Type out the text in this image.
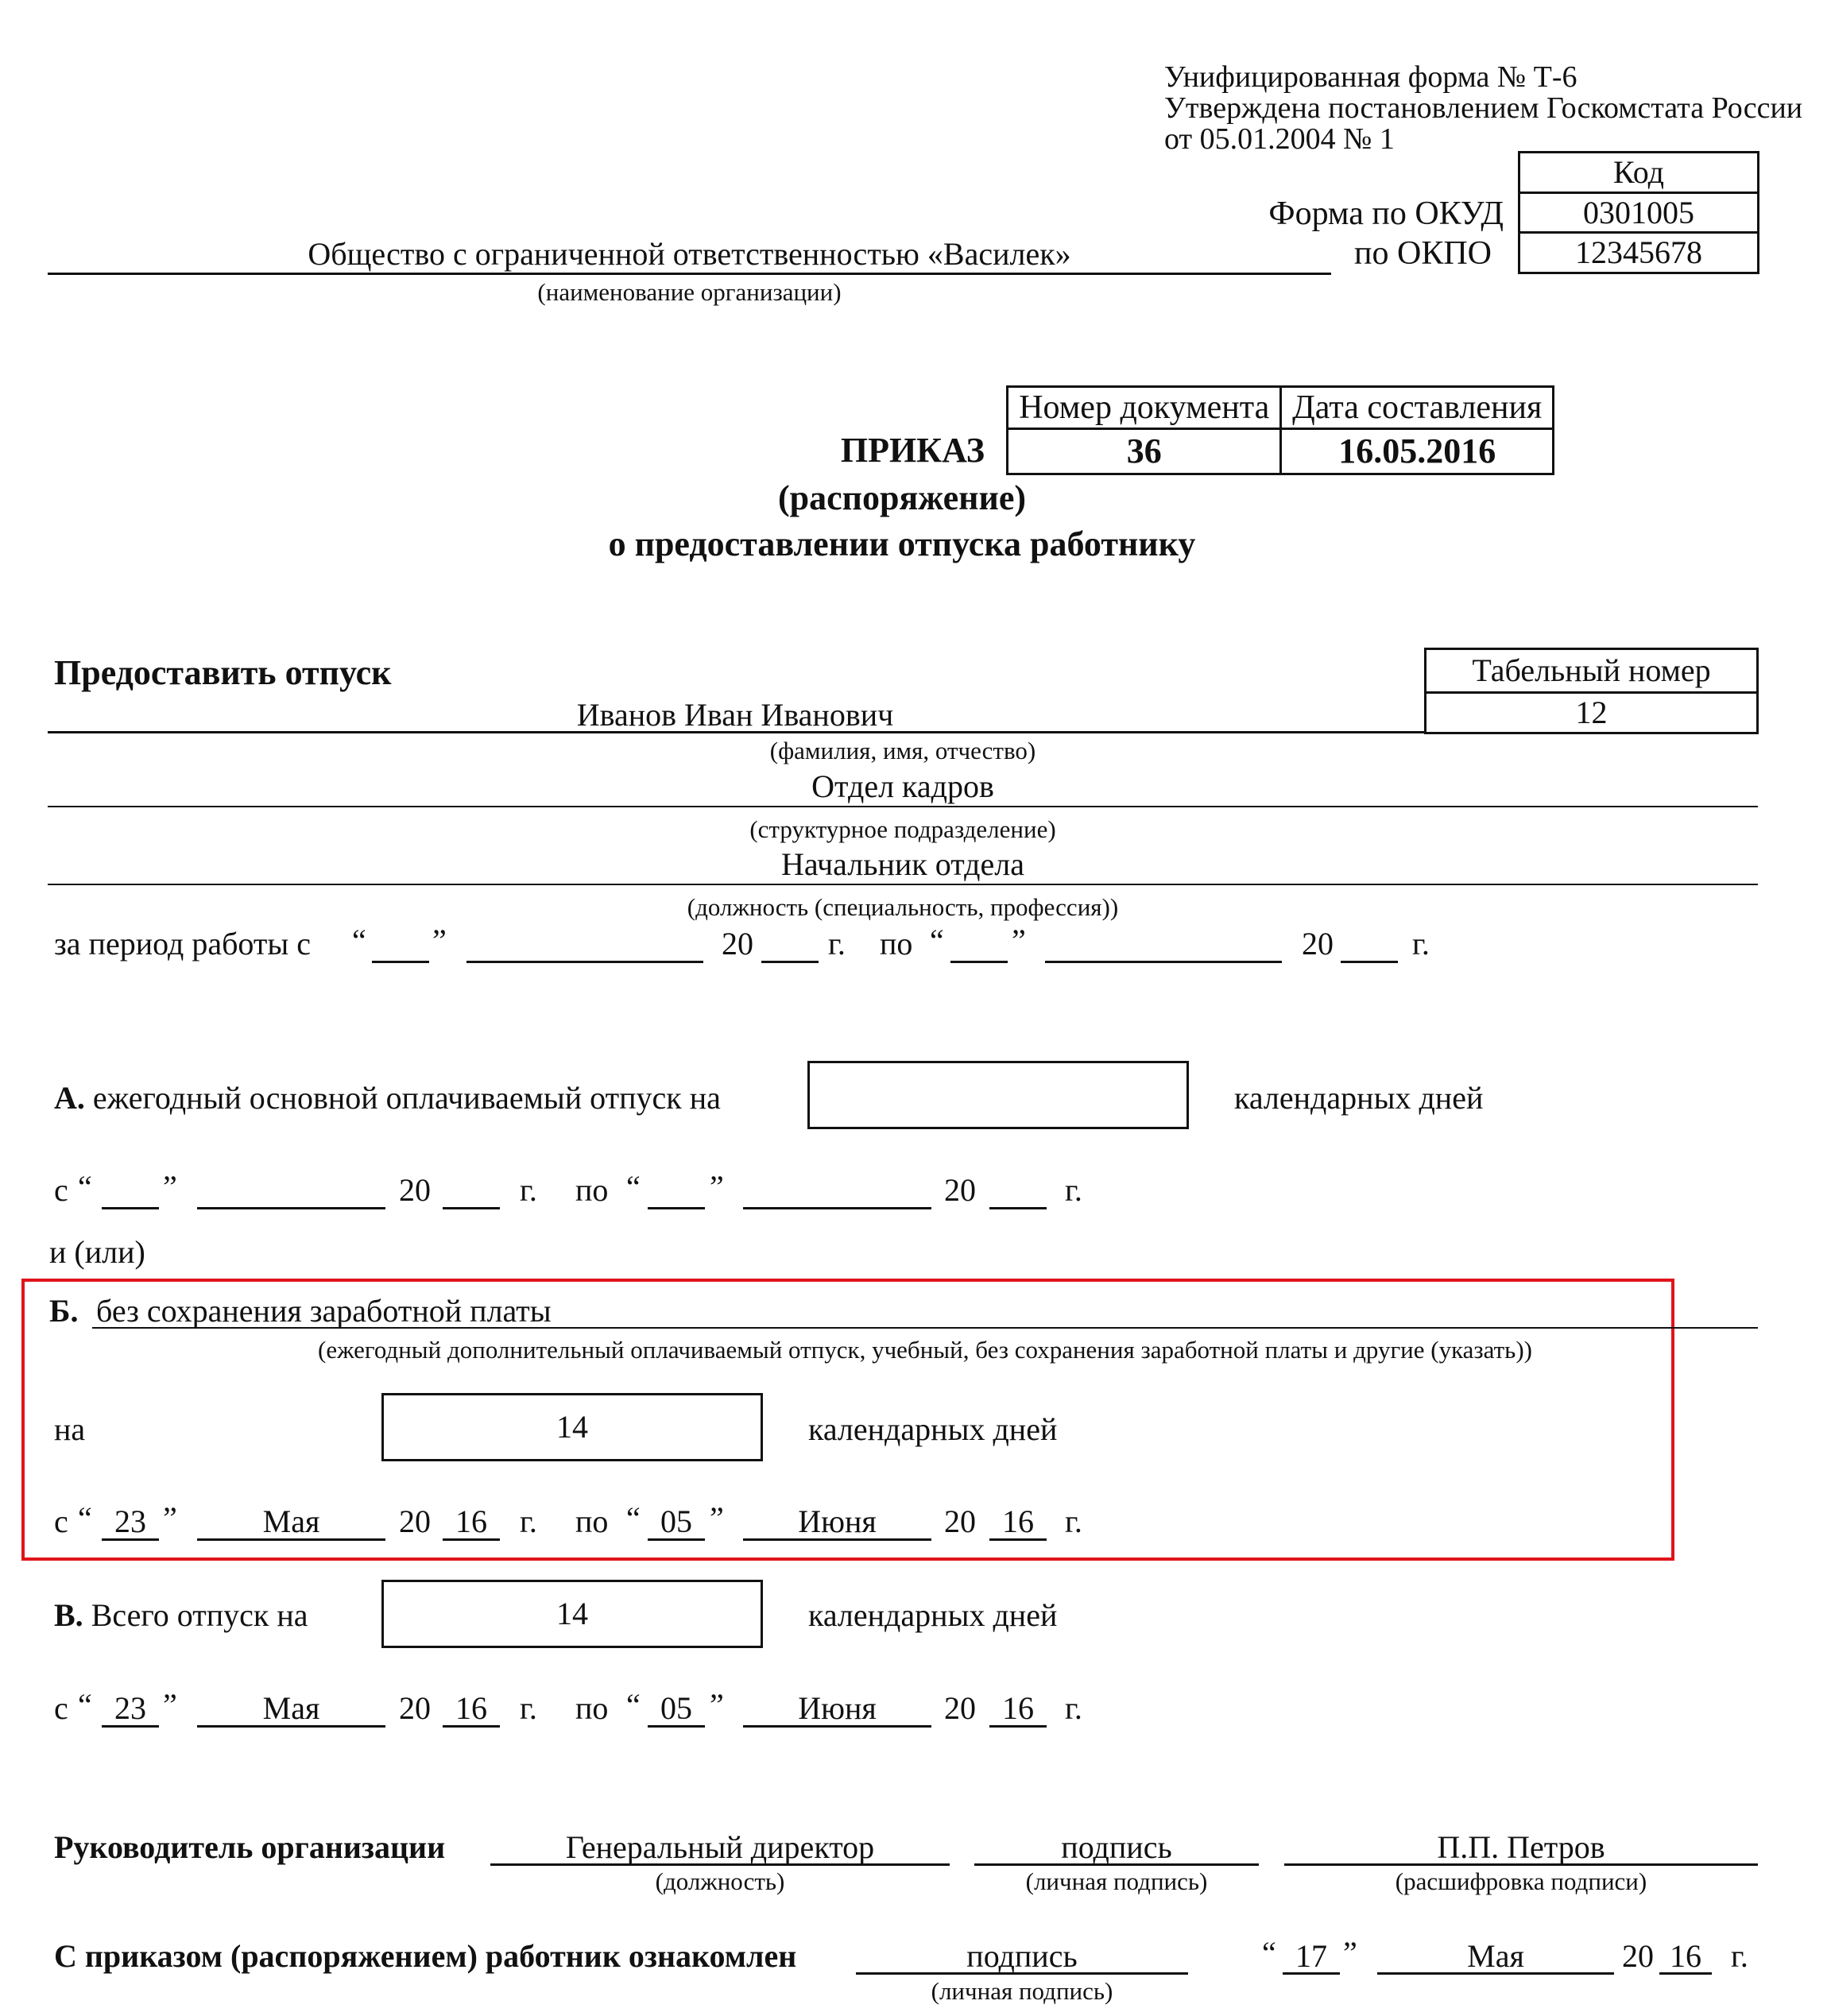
Унифицированная форма № Т-6
Утверждена постановлением Госкомстата России
от 05.01.2004 № 1
Код
0301005
12345678
Форма по ОКУД
по ОКПО
Общество с ограниченной ответственностью «Василек»
(наименование организации)
Номер документа	Дата составления
36	16.05.2016
ПРИКАЗ
(распоряжение)
о предоставлении отпуска работнику
Предоставить отпуск	Табельный номер
12
Иванов Иван Иванович
(фамилия, имя, отчество)
Отдел кадров
(структурное подразделение)
Начальник отдела
(должность (специальность, профессия))
за период работы с “ ”	20 г. по “ ”	20 г.
А. ежегодный основной оплачиваемый отпуск на	календарных дней
с “ ”	20	г. по “ ”	20	г.
и (или)
Б. без сохранения заработной платы
(ежегодный дополнительный оплачиваемый отпуск, учебный, без сохранения заработной платы и другие (указать))
на	14	календарных дней
с “ 23 ”	Мая	20 16	г. по “ 05 ”	Июня	20 16 г.
В. Всего отпуск на	14	календарных дней
с “ 23 ”	Мая	20 16	г. по “ 05 ”	Июня	20 16 г.
Руководитель организации	Генеральный директор
(должность)
подпись
(личная подпись)
П.П. Петров
(расшифровка подписи)
С приказом (распоряжением) работник ознакомлен	подпись
(личная подпись)
“ 17 ”	Мая	20 16 г.
